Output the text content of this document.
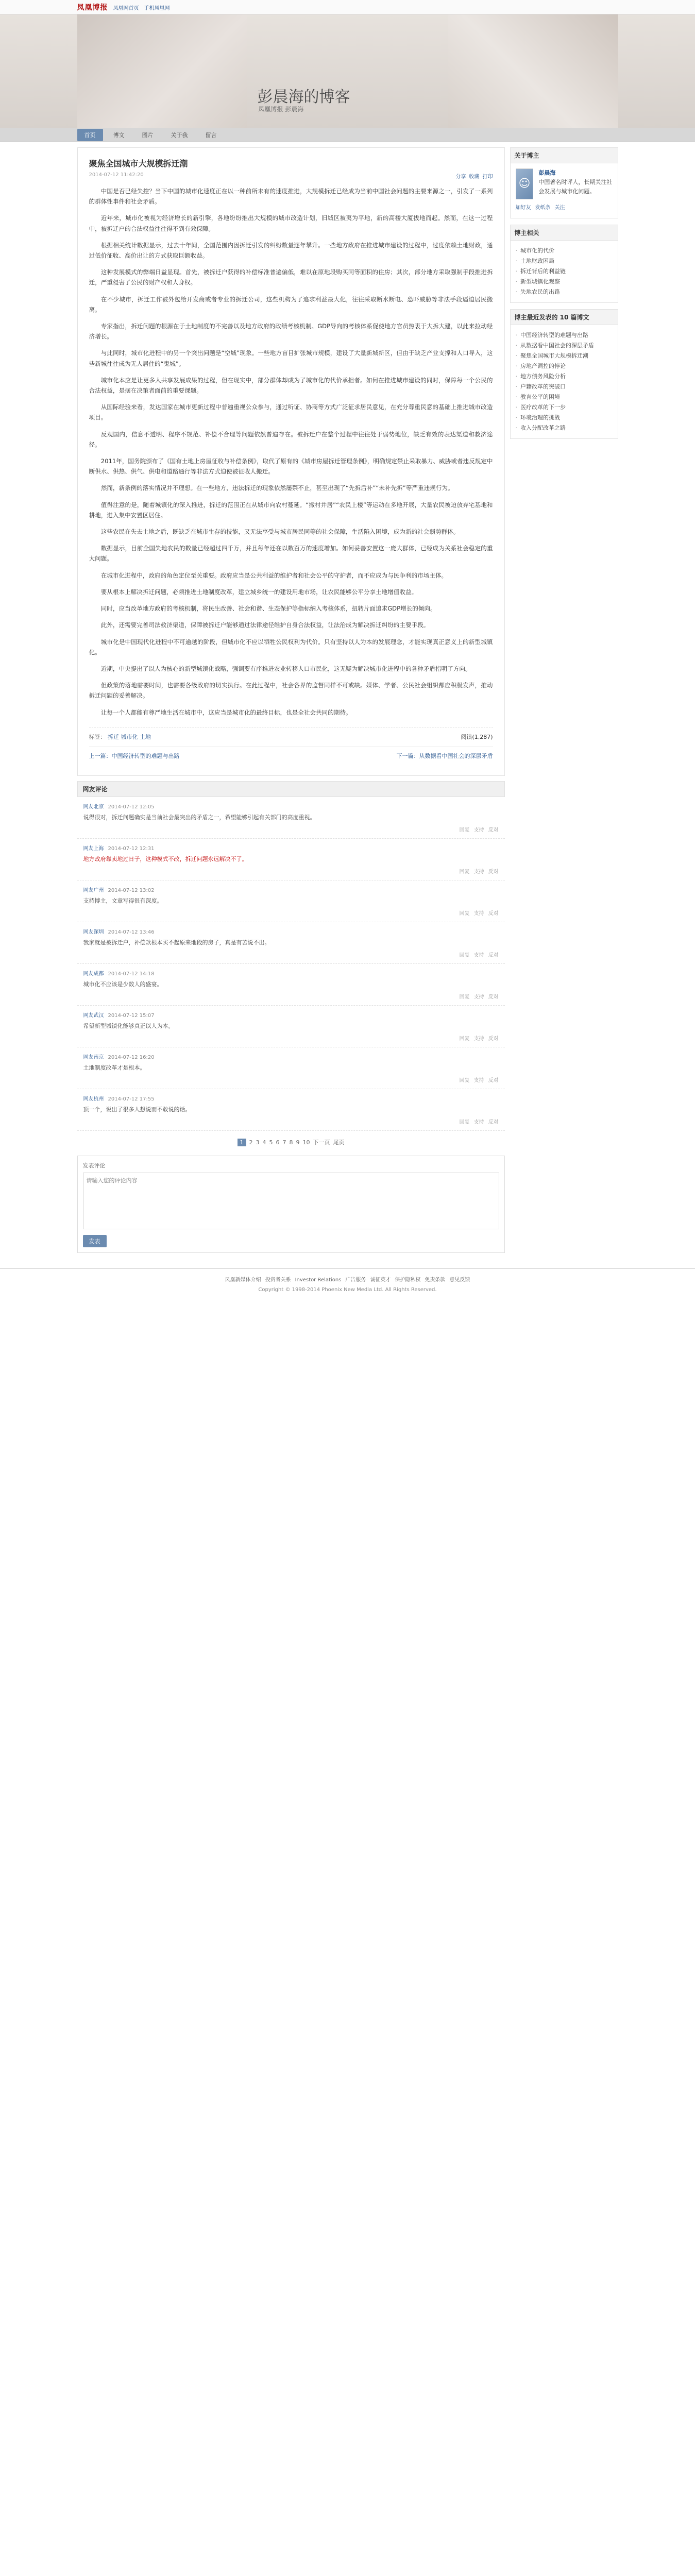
凤凰博报 凤凰网首页 手机凤凰网
彭晨海的博客
凤凰博报 彭晨海
首页	博文	图片	关于我	留言
聚焦全国城市大规模拆迁潮
2014-07-12 11:42:20	分享 收藏 打印

中国是否已经失控？当下中国的城市化速度正在以一种前所未有的速度推进，大规模拆迁已经成为当前中国社会问题的主要来源之一，引发了一系列的群体性事件和社会矛盾。

近年来，城市化被视为经济增长的新引擎，各地纷纷推出大规模的城市改造计划，旧城区被夷为平地，新的高楼大厦拔地而起。然而，在这一过程中，被拆迁户的合法权益往往得不到有效保障。

根据相关统计数据显示，过去十年间，全国范围内因拆迁引发的纠纷数量逐年攀升。一些地方政府在推进城市建设的过程中，过度依赖土地财政，通过低价征收、高价出让的方式获取巨额收益。

这种发展模式的弊端日益显现。首先，被拆迁户获得的补偿标准普遍偏低，难以在原地段购买同等面积的住房；其次，部分地方采取强制手段推进拆迁，严重侵害了公民的财产权和人身权。

在不少城市，拆迁工作被外包给开发商或者专业的拆迁公司，这些机构为了追求利益最大化，往往采取断水断电、恐吓威胁等非法手段逼迫居民搬离。

专家指出，拆迁问题的根源在于土地制度的不完善以及地方政府的政绩考核机制。GDP导向的考核体系促使地方官员热衷于大拆大建，以此来拉动经济增长。

与此同时，城市化进程中的另一个突出问题是“空城”现象。一些地方盲目扩张城市规模，建设了大量新城新区，但由于缺乏产业支撑和人口导入，这些新城往往成为无人居住的“鬼城”。

城市化本应是让更多人共享发展成果的过程，但在现实中，部分群体却成为了城市化的代价承担者。如何在推进城市建设的同时，保障每一个公民的合法权益，是摆在决策者面前的重要课题。

从国际经验来看，发达国家在城市更新过程中普遍重视公众参与，通过听证、协商等方式广泛征求居民意见，在充分尊重民意的基础上推进城市改造项目。

反观国内，信息不透明、程序不规范、补偿不合理等问题依然普遍存在。被拆迁户在整个过程中往往处于弱势地位，缺乏有效的表达渠道和救济途径。

2011年，国务院颁布了《国有土地上房屋征收与补偿条例》，取代了原有的《城市房屋拆迁管理条例》，明确规定禁止采取暴力、威胁或者违反规定中断供水、供热、供气、供电和道路通行等非法方式迫使被征收人搬迁。

然而，新条例的落实情况并不理想。在一些地方，违法拆迁的现象依然屡禁不止，甚至出现了“先拆后补”“未补先拆”等严重违规行为。

值得注意的是，随着城镇化的深入推进，拆迁的范围正在从城市向农村蔓延。“撤村并居”“农民上楼”等运动在多地开展，大量农民被迫放弃宅基地和耕地，进入集中安置区居住。

这些农民在失去土地之后，既缺乏在城市生存的技能，又无法享受与城市居民同等的社会保障，生活陷入困境，成为新的社会弱势群体。

数据显示，目前全国失地农民的数量已经超过四千万，并且每年还在以数百万的速度增加。如何妥善安置这一庞大群体，已经成为关系社会稳定的重大问题。

在城市化进程中，政府的角色定位至关重要。政府应当是公共利益的维护者和社会公平的守护者，而不应成为与民争利的市场主体。

要从根本上解决拆迁问题，必须推进土地制度改革，建立城乡统一的建设用地市场，让农民能够公平分享土地增值收益。

同时，应当改革地方政府的考核机制，将民生改善、社会和谐、生态保护等指标纳入考核体系，扭转片面追求GDP增长的倾向。

此外，还需要完善司法救济渠道，保障被拆迁户能够通过法律途径维护自身合法权益，让法治成为解决拆迁纠纷的主要手段。

城市化是中国现代化进程中不可逾越的阶段，但城市化不应以牺牲公民权利为代价。只有坚持以人为本的发展理念，才能实现真正意义上的新型城镇化。

近期，中央提出了以人为核心的新型城镇化战略，强调要有序推进农业转移人口市民化，这无疑为解决城市化进程中的各种矛盾指明了方向。

但政策的落地需要时间，也需要各级政府的切实执行。在此过程中，社会各界的监督同样不可或缺。媒体、学者、公民社会组织都应积极发声，推动拆迁问题的妥善解决。

让每一个人都能有尊严地生活在城市中，这应当是城市化的最终目标，也是全社会共同的期待。

标签： 拆迁 城市化 土地	阅读(1,287)
上一篇：中国经济转型的难题与出路	下一篇：从数据看中国社会的深层矛盾
网友评论
网友北京 2014-07-12 12:05
说得很对，拆迁问题确实是当前社会最突出的矛盾之一，希望能够引起有关部门的高度重视。
回复 支持 反对
网友上海 2014-07-12 12:31
地方政府靠卖地过日子，这种模式不改，拆迁问题永远解决不了。
回复 支持 反对
网友广州 2014-07-12 13:02
支持博主，文章写得很有深度。
回复 支持 反对
网友深圳 2014-07-12 13:46
我家就是被拆迁户，补偿款根本买不起原来地段的房子，真是有苦说不出。
回复 支持 反对
网友成都 2014-07-12 14:18
城市化不应该是少数人的盛宴。
回复 支持 反对
网友武汉 2014-07-12 15:07
希望新型城镇化能够真正以人为本。
回复 支持 反对
网友南京 2014-07-12 16:20
土地制度改革才是根本。
回复 支持 反对
网友杭州 2014-07-12 17:55
顶一个，说出了很多人想说而不敢说的话。
回复 支持 反对
1 2 3 4 5 6 7 8 9 10 下一页 尾页
发表评论
请输入您的评论内容 发表
关于博主
☺
彭晨海
中国著名时评人，长期关注社会发展与城市化问题。
加好友 发纸条 关注
博主相关
· 城市化的代价
· 土地财政困局
· 拆迁背后的利益链
· 新型城镇化观察
· 失地农民的出路
博主最近发表的 10 篇博文
· 中国经济转型的难题与出路
· 从数据看中国社会的深层矛盾
· 聚焦全国城市大规模拆迁潮
· 房地产调控的悖论
· 地方债务风险分析
· 户籍改革的突破口
· 教育公平的困境
· 医疗改革的下一步
· 环境治理的挑战
· 收入分配改革之路
凤凰新媒体介绍 投资者关系 Investor Relations 广告服务 诚征英才 保护隐私权 免责条款 意见反馈
Copyright © 1998-2014 Phoenix New Media Ltd. All Rights Reserved.
